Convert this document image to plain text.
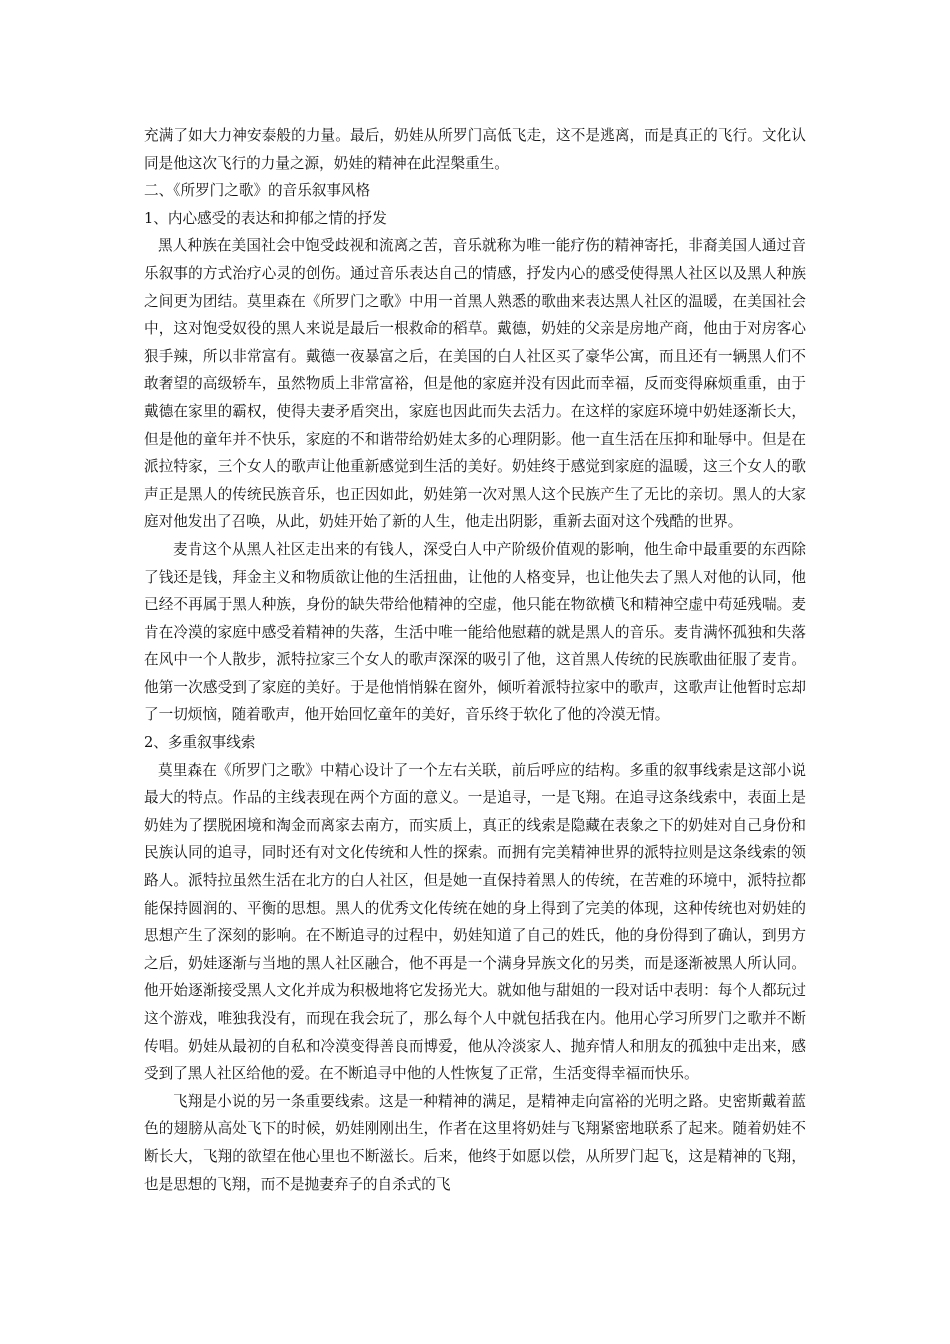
充满了如大力神安泰般的力量。最后，奶娃从所罗门高低飞走，这不是逃离，而是真正的飞行。文化认同是他这次飞行的力量之源，奶娃的精神在此涅槃重生。

二、《所罗门之歌》的音乐叙事风格

1、内心感受的表达和抑郁之情的抒发

黑人种族在美国社会中饱受歧视和流离之苦，音乐就称为唯一能疗伤的精神寄托，非裔美国人通过音乐叙事的方式治疗心灵的创伤。通过音乐表达自己的情感，抒发内心的感受使得黑人社区以及黑人种族之间更为团结。莫里森在《所罗门之歌》中用一首黑人熟悉的歌曲来表达黑人社区的温暖，在美国社会中，这对饱受奴役的黑人来说是最后一根救命的稻草。戴德，奶娃的父亲是房地产商，他由于对房客心狠手辣，所以非常富有。戴德一夜暴富之后，在美国的白人社区买了豪华公寓，而且还有一辆黑人们不敢奢望的高级轿车，虽然物质上非常富裕，但是他的家庭并没有因此而幸福，反而变得麻烦重重，由于戴德在家里的霸权，使得夫妻矛盾突出，家庭也因此而失去活力。在这样的家庭环境中奶娃逐渐长大，但是他的童年并不快乐，家庭的不和谐带给奶娃太多的心理阴影。他一直生活在压抑和耻辱中。但是在派拉特家，三个女人的歌声让他重新感觉到生活的美好。奶娃终于感觉到家庭的温暖，这三个女人的歌声正是黑人的传统民族音乐，也正因如此，奶娃第一次对黑人这个民族产生了无比的亲切。黑人的大家庭对他发出了召唤，从此，奶娃开始了新的人生，他走出阴影，重新去面对这个残酷的世界。

麦肯这个从黑人社区走出来的有钱人，深受白人中产阶级价值观的影响，他生命中最重要的东西除了钱还是钱，拜金主义和物质欲让他的生活扭曲，让他的人格变异，也让他失去了黑人对他的认同，他已经不再属于黑人种族，身份的缺失带给他精神的空虚，他只能在物欲横飞和精神空虚中苟延残喘。麦肯在冷漠的家庭中感受着精神的失落，生活中唯一能给他慰藉的就是黑人的音乐。麦肯满怀孤独和失落在风中一个人散步，派特拉家三个女人的歌声深深的吸引了他，这首黑人传统的民族歌曲征服了麦肯。他第一次感受到了家庭的美好。于是他悄悄躲在窗外，倾听着派特拉家中的歌声，这歌声让他暂时忘却了一切烦恼，随着歌声，他开始回忆童年的美好，音乐终于软化了他的冷漠无情。

2、多重叙事线索

莫里森在《所罗门之歌》中精心设计了一个左右关联，前后呼应的结构。多重的叙事线索是这部小说最大的特点。作品的主线表现在两个方面的意义。一是追寻，一是飞翔。在追寻这条线索中，表面上是奶娃为了摆脱困境和淘金而离家去南方，而实质上，真正的线索是隐藏在表象之下的奶娃对自己身份和民族认同的追寻，同时还有对文化传统和人性的探索。而拥有完美精神世界的派特拉则是这条线索的领路人。派特拉虽然生活在北方的白人社区，但是她一直保持着黑人的传统，在苦难的环境中，派特拉都能保持圆润的、平衡的思想。黑人的优秀文化传统在她的身上得到了完美的体现，这种传统也对奶娃的思想产生了深刻的影响。在不断追寻的过程中，奶娃知道了自己的姓氏，他的身份得到了确认，到男方之后，奶娃逐渐与当地的黑人社区融合，他不再是一个满身异族文化的另类，而是逐渐被黑人所认同。他开始逐渐接受黑人文化并成为积极地将它发扬光大。就如他与甜姐的一段对话中表明：每个人都玩过这个游戏，唯独我没有，而现在我会玩了，那么每个人中就包括我在内。他用心学习所罗门之歌并不断传唱。奶娃从最初的自私和冷漠变得善良而博爱，他从冷淡家人、抛弃情人和朋友的孤独中走出来，感受到了黑人社区给他的爱。在不断追寻中他的人性恢复了正常，生活变得幸福而快乐。

飞翔是小说的另一条重要线索。这是一种精神的满足，是精神走向富裕的光明之路。史密斯戴着蓝色的翅膀从高处飞下的时候，奶娃刚刚出生，作者在这里将奶娃与飞翔紧密地联系了起来。随着奶娃不断长大，飞翔的欲望在他心里也不断滋长。后来，他终于如愿以偿，从所罗门起飞，这是精神的飞翔，也是思想的飞翔，而不是抛妻弃子的自杀式的飞
